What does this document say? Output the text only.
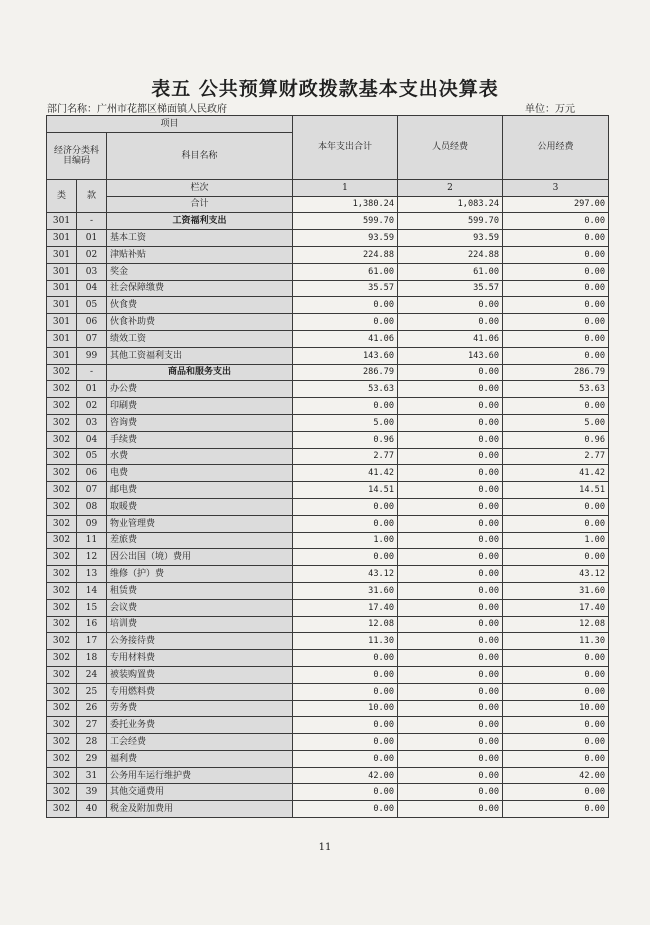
表五 公共预算财政拨款基本支出决算表
部门名称：广州市花都区梯面镇人民政府	单位：万元
项目			本年支出合计	人员经费	公用经费
经济分类科目编码		科目名称			
类	款	栏次	1	2	3
		合计	1,380.24	1,083.24	297.00
301	-	工资福利支出	599.70	599.70	0.00
301	01	基本工资	93.59	93.59	0.00
301	02	津贴补贴	224.88	224.88	0.00
301	03	奖金	61.00	61.00	0.00
301	04	社会保障缴费	35.57	35.57	0.00
301	05	伙食费	0.00	0.00	0.00
301	06	伙食补助费	0.00	0.00	0.00
301	07	绩效工资	41.06	41.06	0.00
301	99	其他工资福利支出	143.60	143.60	0.00
302	-	商品和服务支出	286.79	0.00	286.79
302	01	办公费	53.63	0.00	53.63
302	02	印刷费	0.00	0.00	0.00
302	03	咨询费	5.00	0.00	5.00
302	04	手续费	0.96	0.00	0.96
302	05	水费	2.77	0.00	2.77
302	06	电费	41.42	0.00	41.42
302	07	邮电费	14.51	0.00	14.51
302	08	取暖费	0.00	0.00	0.00
302	09	物业管理费	0.00	0.00	0.00
302	11	差旅费	1.00	0.00	1.00
302	12	因公出国（境）费用	0.00	0.00	0.00
302	13	维修（护）费	43.12	0.00	43.12
302	14	租赁费	31.60	0.00	31.60
302	15	会议费	17.40	0.00	17.40
302	16	培训费	12.08	0.00	12.08
302	17	公务接待费	11.30	0.00	11.30
302	18	专用材料费	0.00	0.00	0.00
302	24	被装购置费	0.00	0.00	0.00
302	25	专用燃料费	0.00	0.00	0.00
302	26	劳务费	10.00	0.00	10.00
302	27	委托业务费	0.00	0.00	0.00
302	28	工会经费	0.00	0.00	0.00
302	29	福利费	0.00	0.00	0.00
302	31	公务用车运行维护费	42.00	0.00	42.00
302	39	其他交通费用	0.00	0.00	0.00
302	40	税金及附加费用	0.00	0.00	0.00
11
